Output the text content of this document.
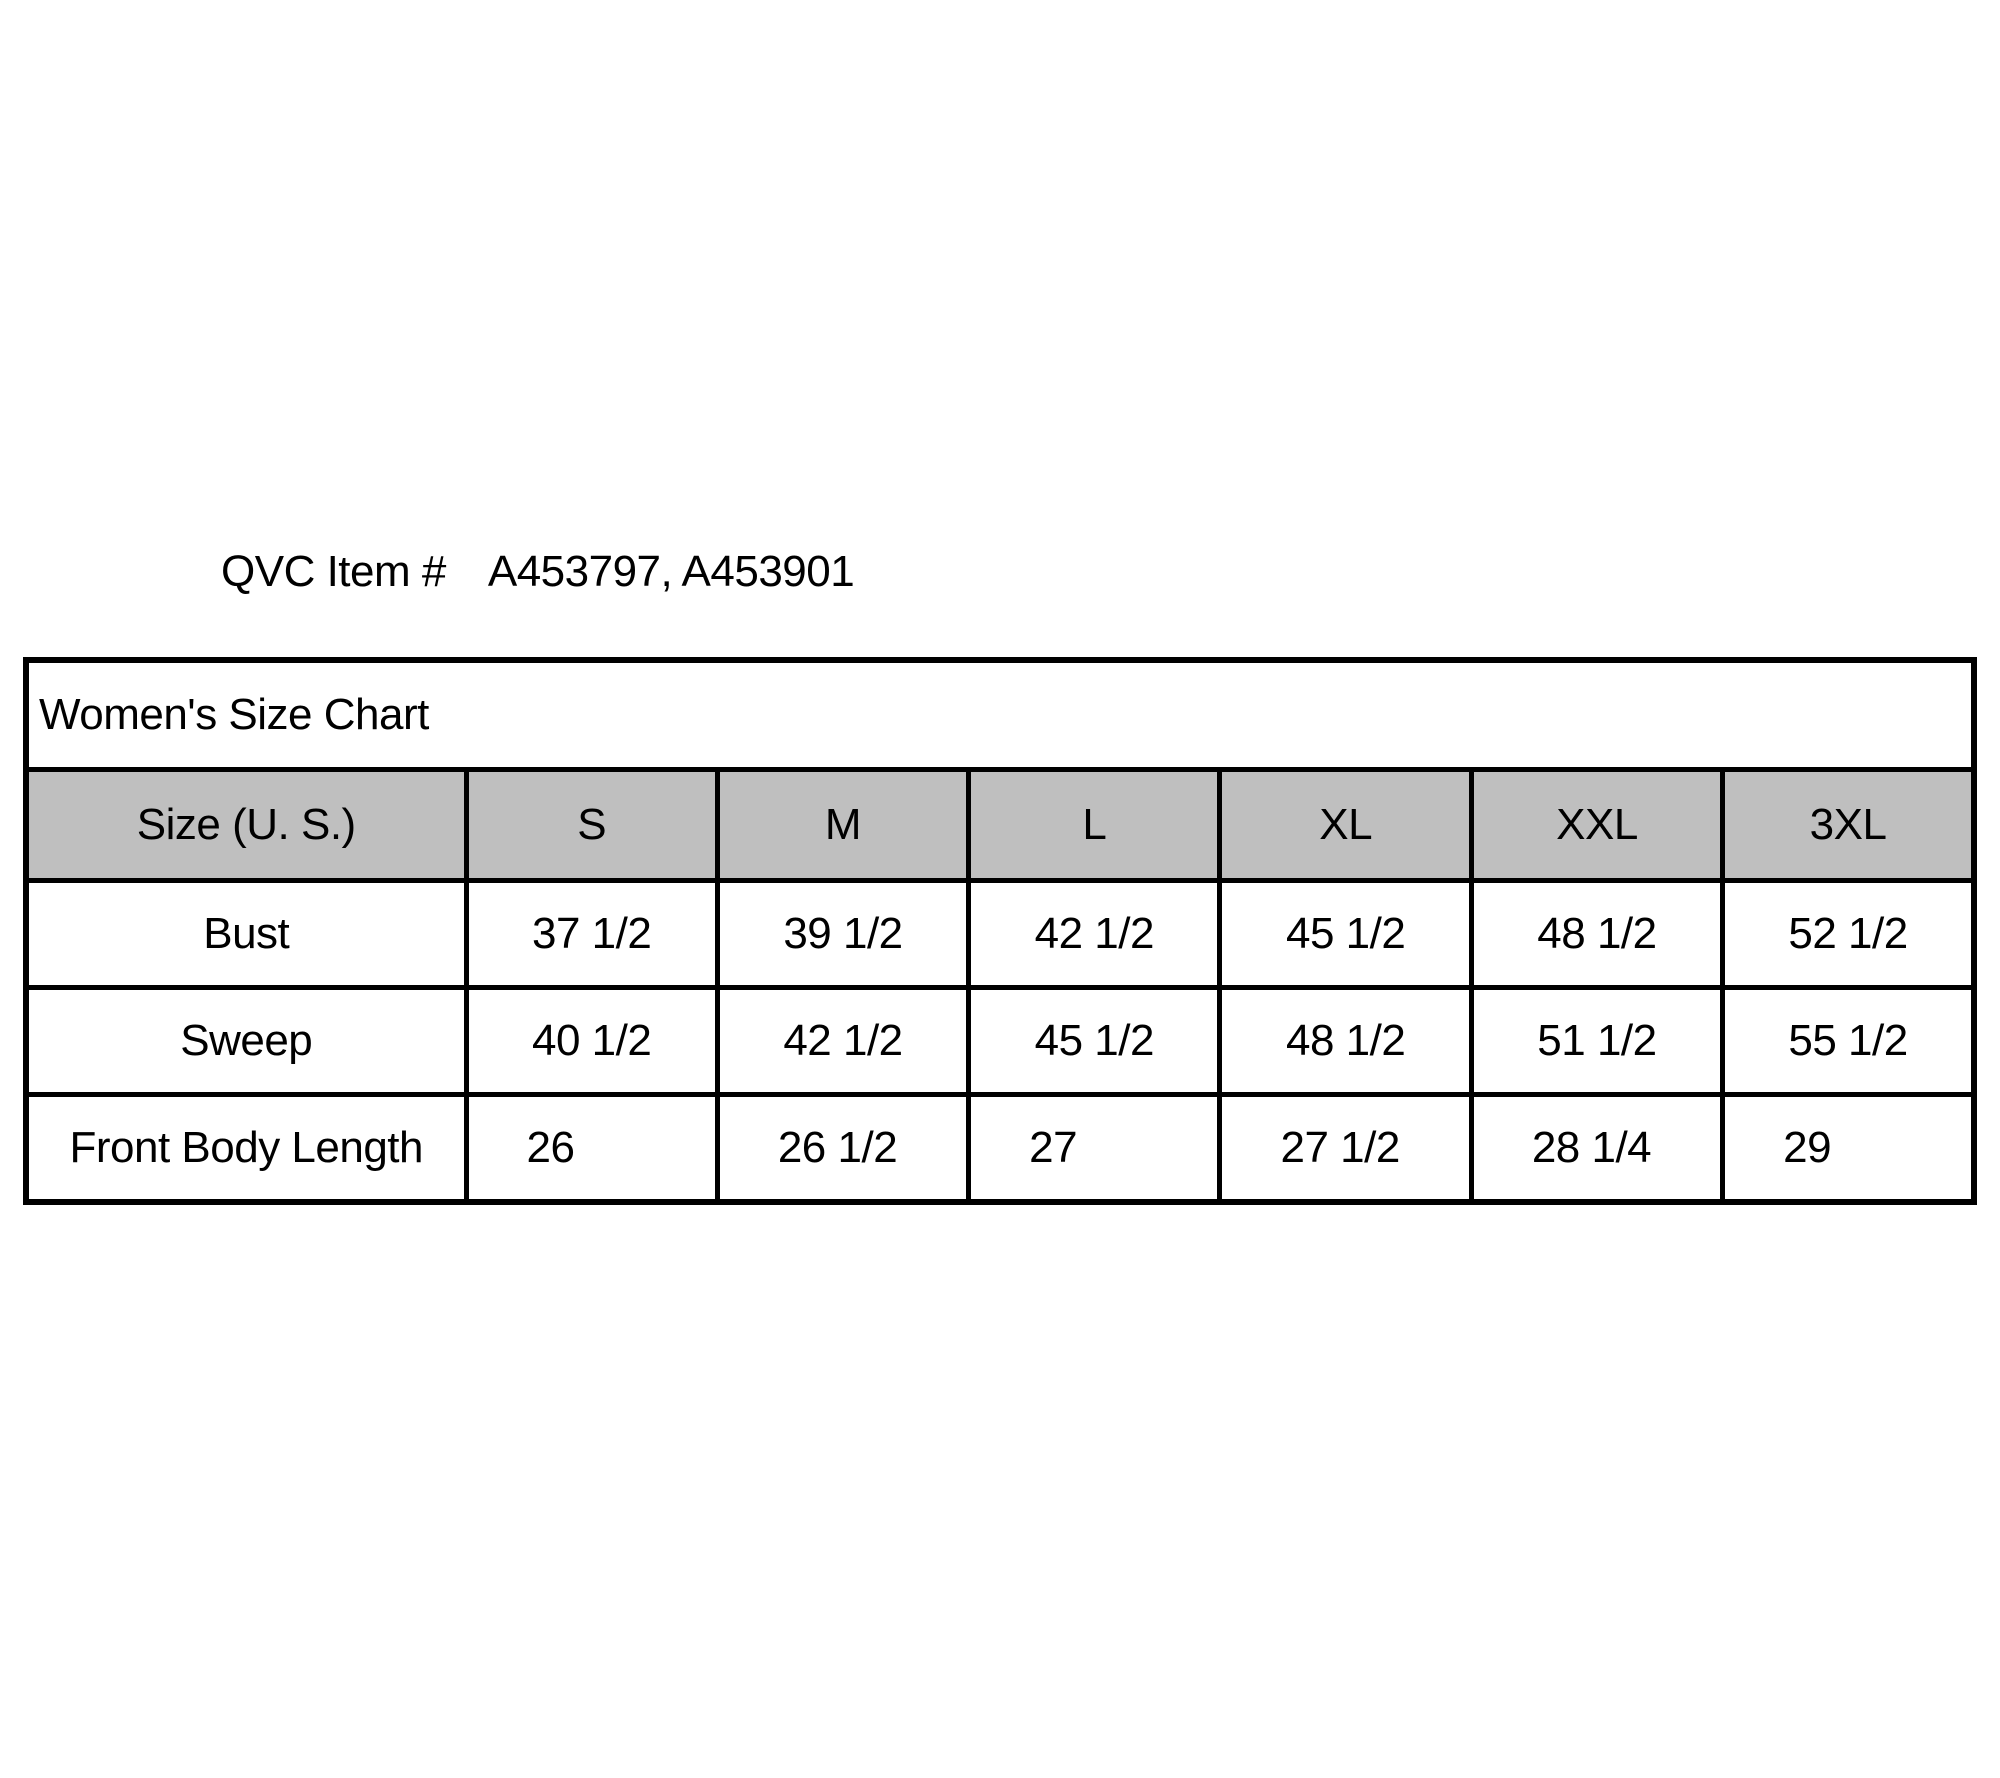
QVC Item # A453797, A453901
Women's Size Chart						
Size (U. S.)	S	M	L	XL	XXL	3XL
Bust	37 1/2	39 1/2	42 1/2	45 1/2	48 1/2	52 1/2
Sweep	40 1/2	42 1/2	45 1/2	48 1/2	51 1/2	55 1/2
Front Body Length	26	26 1/2	27	27 1/2	28 1/4	29
